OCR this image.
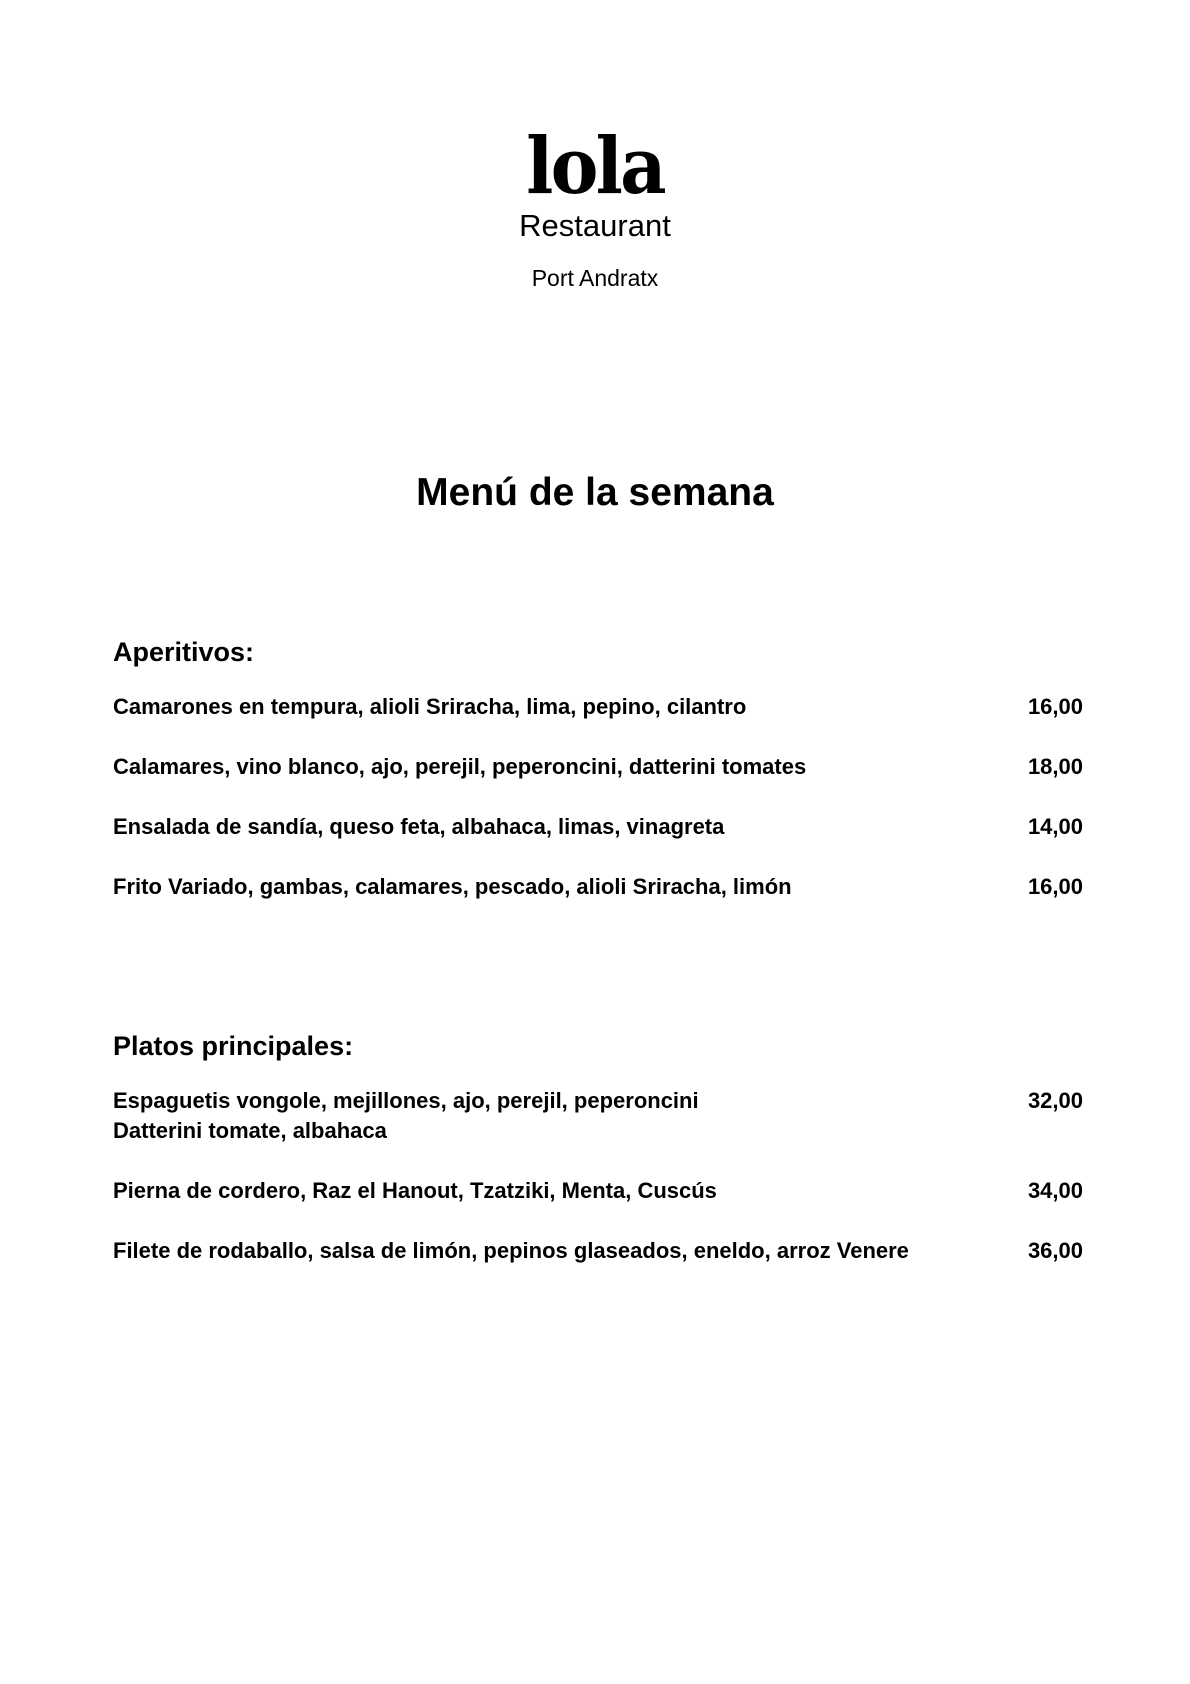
lola
Restaurant
Port Andratx
Menú de la semana
Aperitivos:
Camarones en tempura, alioli Sriracha, lima, pepino, cilantro	16,00
Calamares, vino blanco, ajo, perejil, peperoncini, datterini tomates	18,00
Ensalada de sandía, queso feta, albahaca, limas, vinagreta	14,00
Frito Variado, gambas, calamares, pescado, alioli Sriracha, limón	16,00
Platos principales:
Espaguetis vongole, mejillones, ajo, perejil, peperoncini
Datterini tomate, albahaca
32,00
Pierna de cordero, Raz el Hanout, Tzatziki, Menta, Cuscús	34,00
Filete de rodaballo, salsa de limón, pepinos glaseados, eneldo, arroz Venere	36,00
